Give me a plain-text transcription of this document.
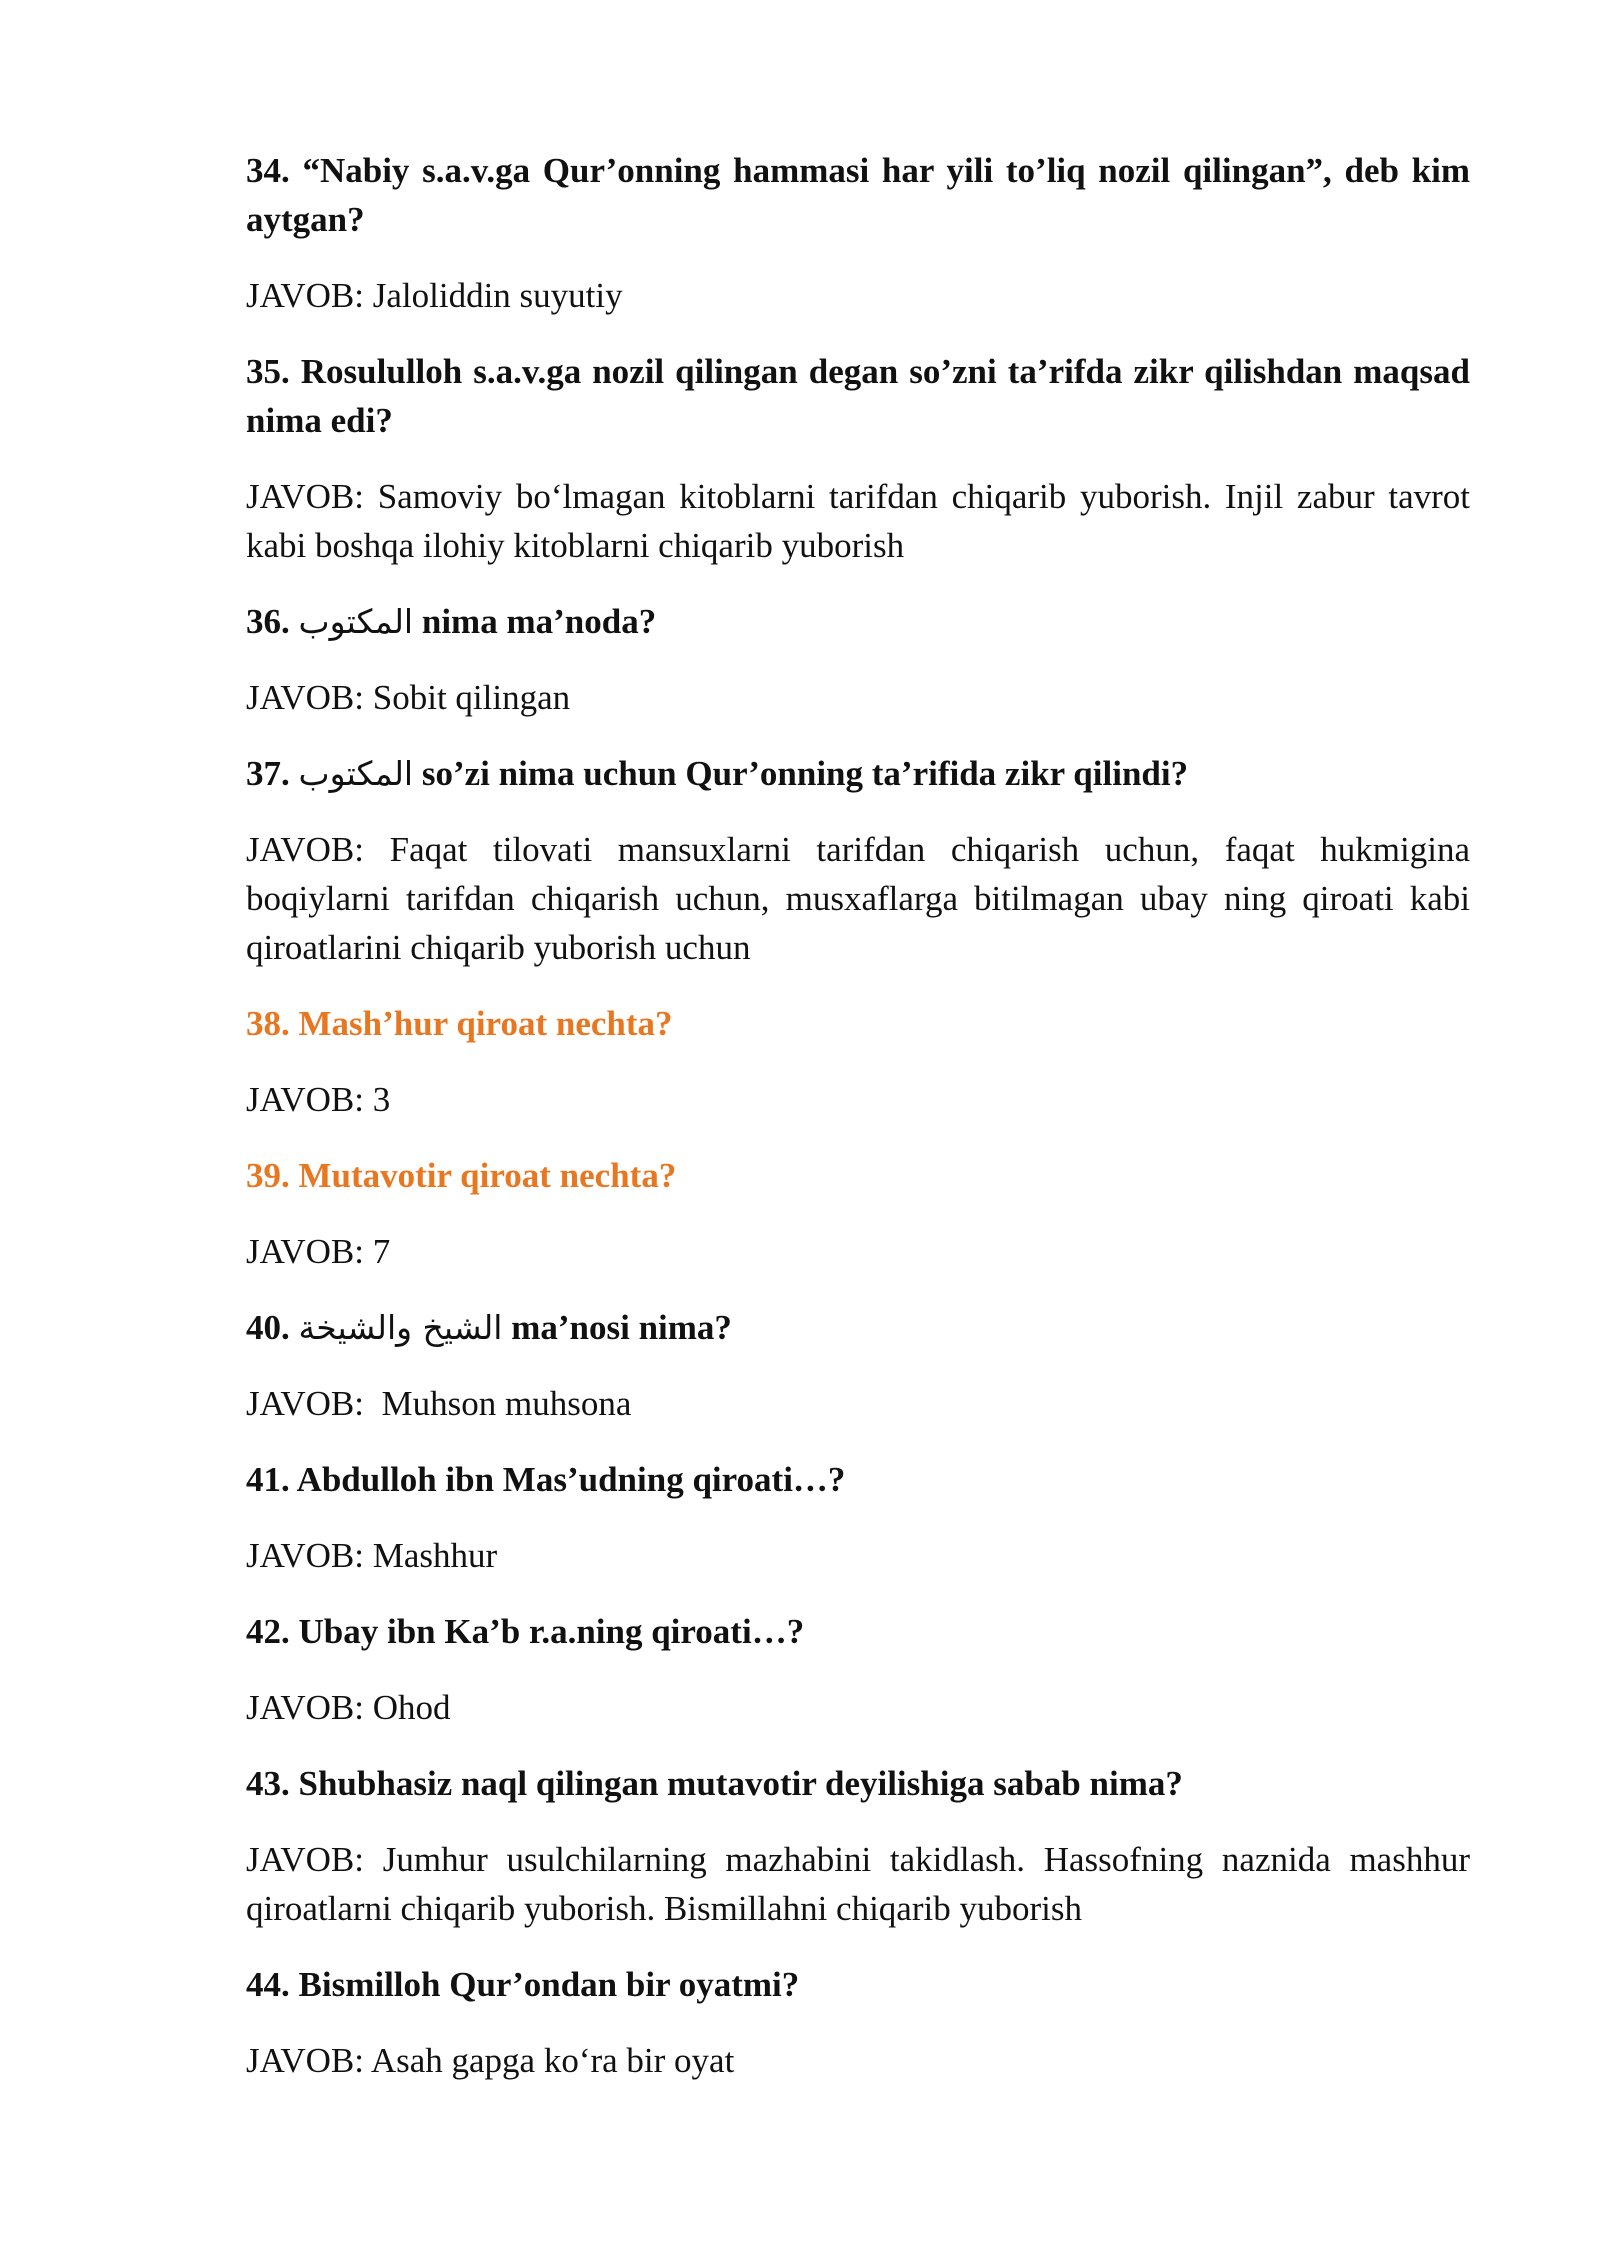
34. “Nabiy s.a.v.ga Qur’onning hammasi har yili to’liq nozil qilingan”, deb kim aytgan?

JAVOB: Jaloliddin suyutiy

35. Rosululloh s.a.v.ga nozil qilingan degan so’zni ta’rifda zikr qilishdan maqsad nima edi?

JAVOB: Samoviy bo‘lmagan kitoblarni tarifdan chiqarib yuborish. Injil zabur tavrot kabi boshqa ilohiy kitoblarni chiqarib yuborish

36. المكتوب nima ma’noda?

JAVOB: Sobit qilingan

37. المكتوب so’zi nima uchun Qur’onning ta’rifida zikr qilindi?

JAVOB: Faqat tilovati mansuxlarni tarifdan chiqarish uchun, faqat hukmigina boqiylarni tarifdan chiqarish uchun, musxaflarga bitilmagan ubay ning qiroati kabi qiroatlarini chiqarib yuborish uchun

38. Mash’hur qiroat nechta?

JAVOB: 3

39. Mutavotir qiroat nechta?

JAVOB: 7

40. الشيخ والشيخة ma’nosi nima?

JAVOB:  Muhson muhsona

41. Abdulloh ibn Mas’udning qiroati…?

JAVOB: Mashhur

42. Ubay ibn Ka’b r.a.ning qiroati…?

JAVOB: Ohod

43. Shubhasiz naql qilingan mutavotir deyilishiga sabab nima?

JAVOB: Jumhur usulchilarning mazhabini takidlash. Hassofning naznida mashhur qiroatlarni chiqarib yuborish. Bismillahni chiqarib yuborish

44. Bismilloh Qur’ondan bir oyatmi?

JAVOB: Asah gapga ko‘ra bir oyat
